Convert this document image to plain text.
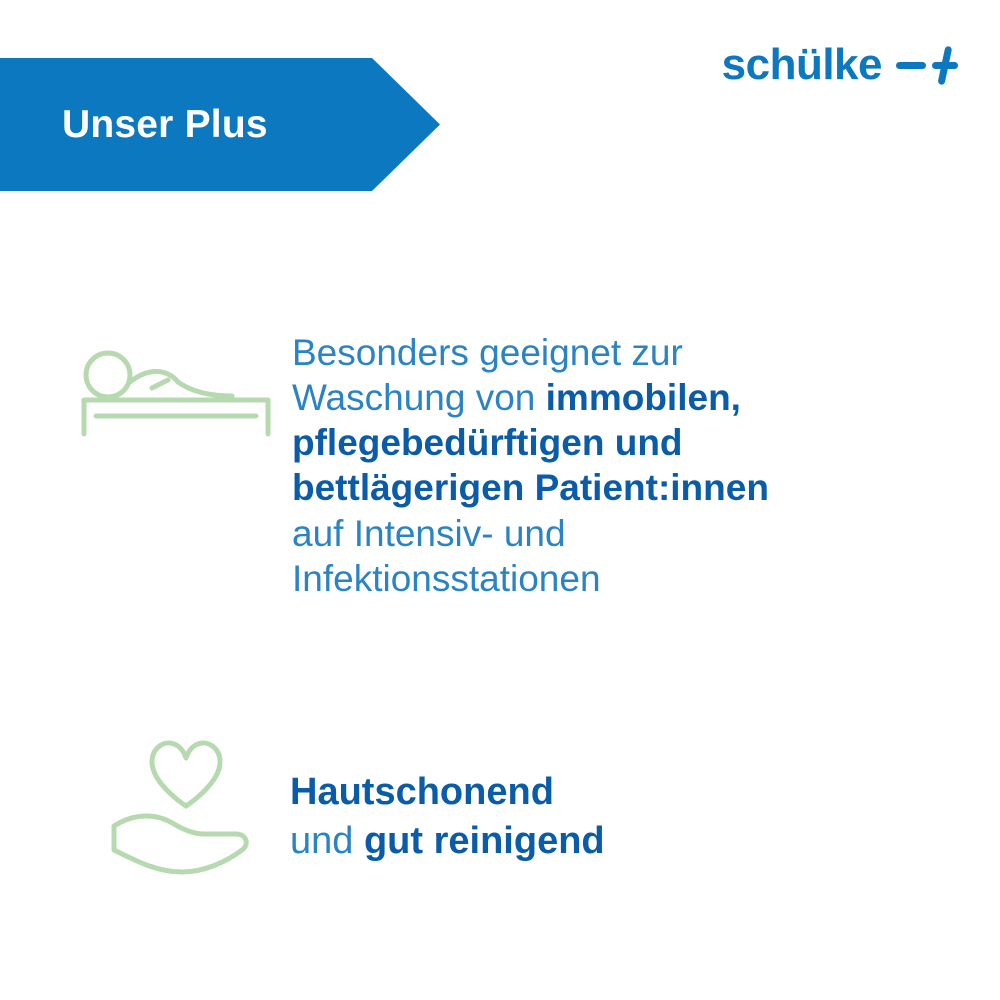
schülke
Unser Plus
Besonders geeignet zur
Waschung von immobilen,
pflegebedürftigen und
bettlägerigen Patient:innen
auf Intensiv- und
Infektionsstationen
Hautschonend
und gut reinigend
